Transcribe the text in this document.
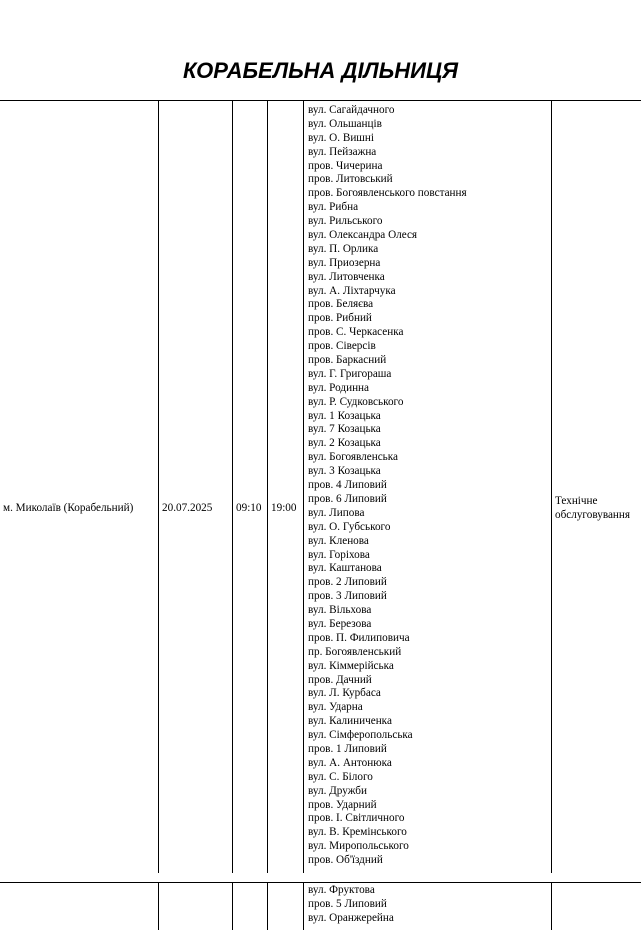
КОРАБЕЛЬНА ДІЛЬНИЦЯ
м. Миколаїв (Корабельний)	20.07.2025 09:10 19:00
Технічне
обслуговування
вул. Сагайдачного
вул. Ольшанців
вул. О. Вишні
вул. Пейзажна
пров. Чичерина
пров. Литовський
пров. Богоявленського повстання
вул. Рибна
вул. Рильського
вул. Олександра Олеся
вул. П. Орлика
вул. Приозерна
вул. Литовченка
вул. А. Ліхтарчука
пров. Беляєва
пров. Рибний
пров. С. Черкасенка
пров. Сіверсів
пров. Баркасний
вул. Г. Григораша
вул. Родинна
вул. Р. Судковського
вул. 1 Козацька
вул. 7 Козацька
вул. 2 Козацька
вул. Богоявленська
вул. 3 Козацька
пров. 4 Липовий
пров. 6 Липовий
вул. Липова
вул. О. Губського
вул. Кленова
вул. Горіхова
вул. Каштанова
пров. 2 Липовий
пров. 3 Липовий
вул. Вільхова
вул. Березова
пров. П. Филиповича
пр. Богоявленський
вул. Кіммерійська
пров. Дачний
вул. Л. Курбаса
вул. Ударна
вул. Калиниченка
вул. Сімферопольська
пров. 1 Липовий
вул. А. Антонюка
вул. С. Білого
вул. Дружби
пров. Ударний
пров. І. Світличного
вул. В. Кремінського
вул. Миропольського
пров. Об'їздний
вул. Фруктова
пров. 5 Липовий
вул. Оранжерейна
